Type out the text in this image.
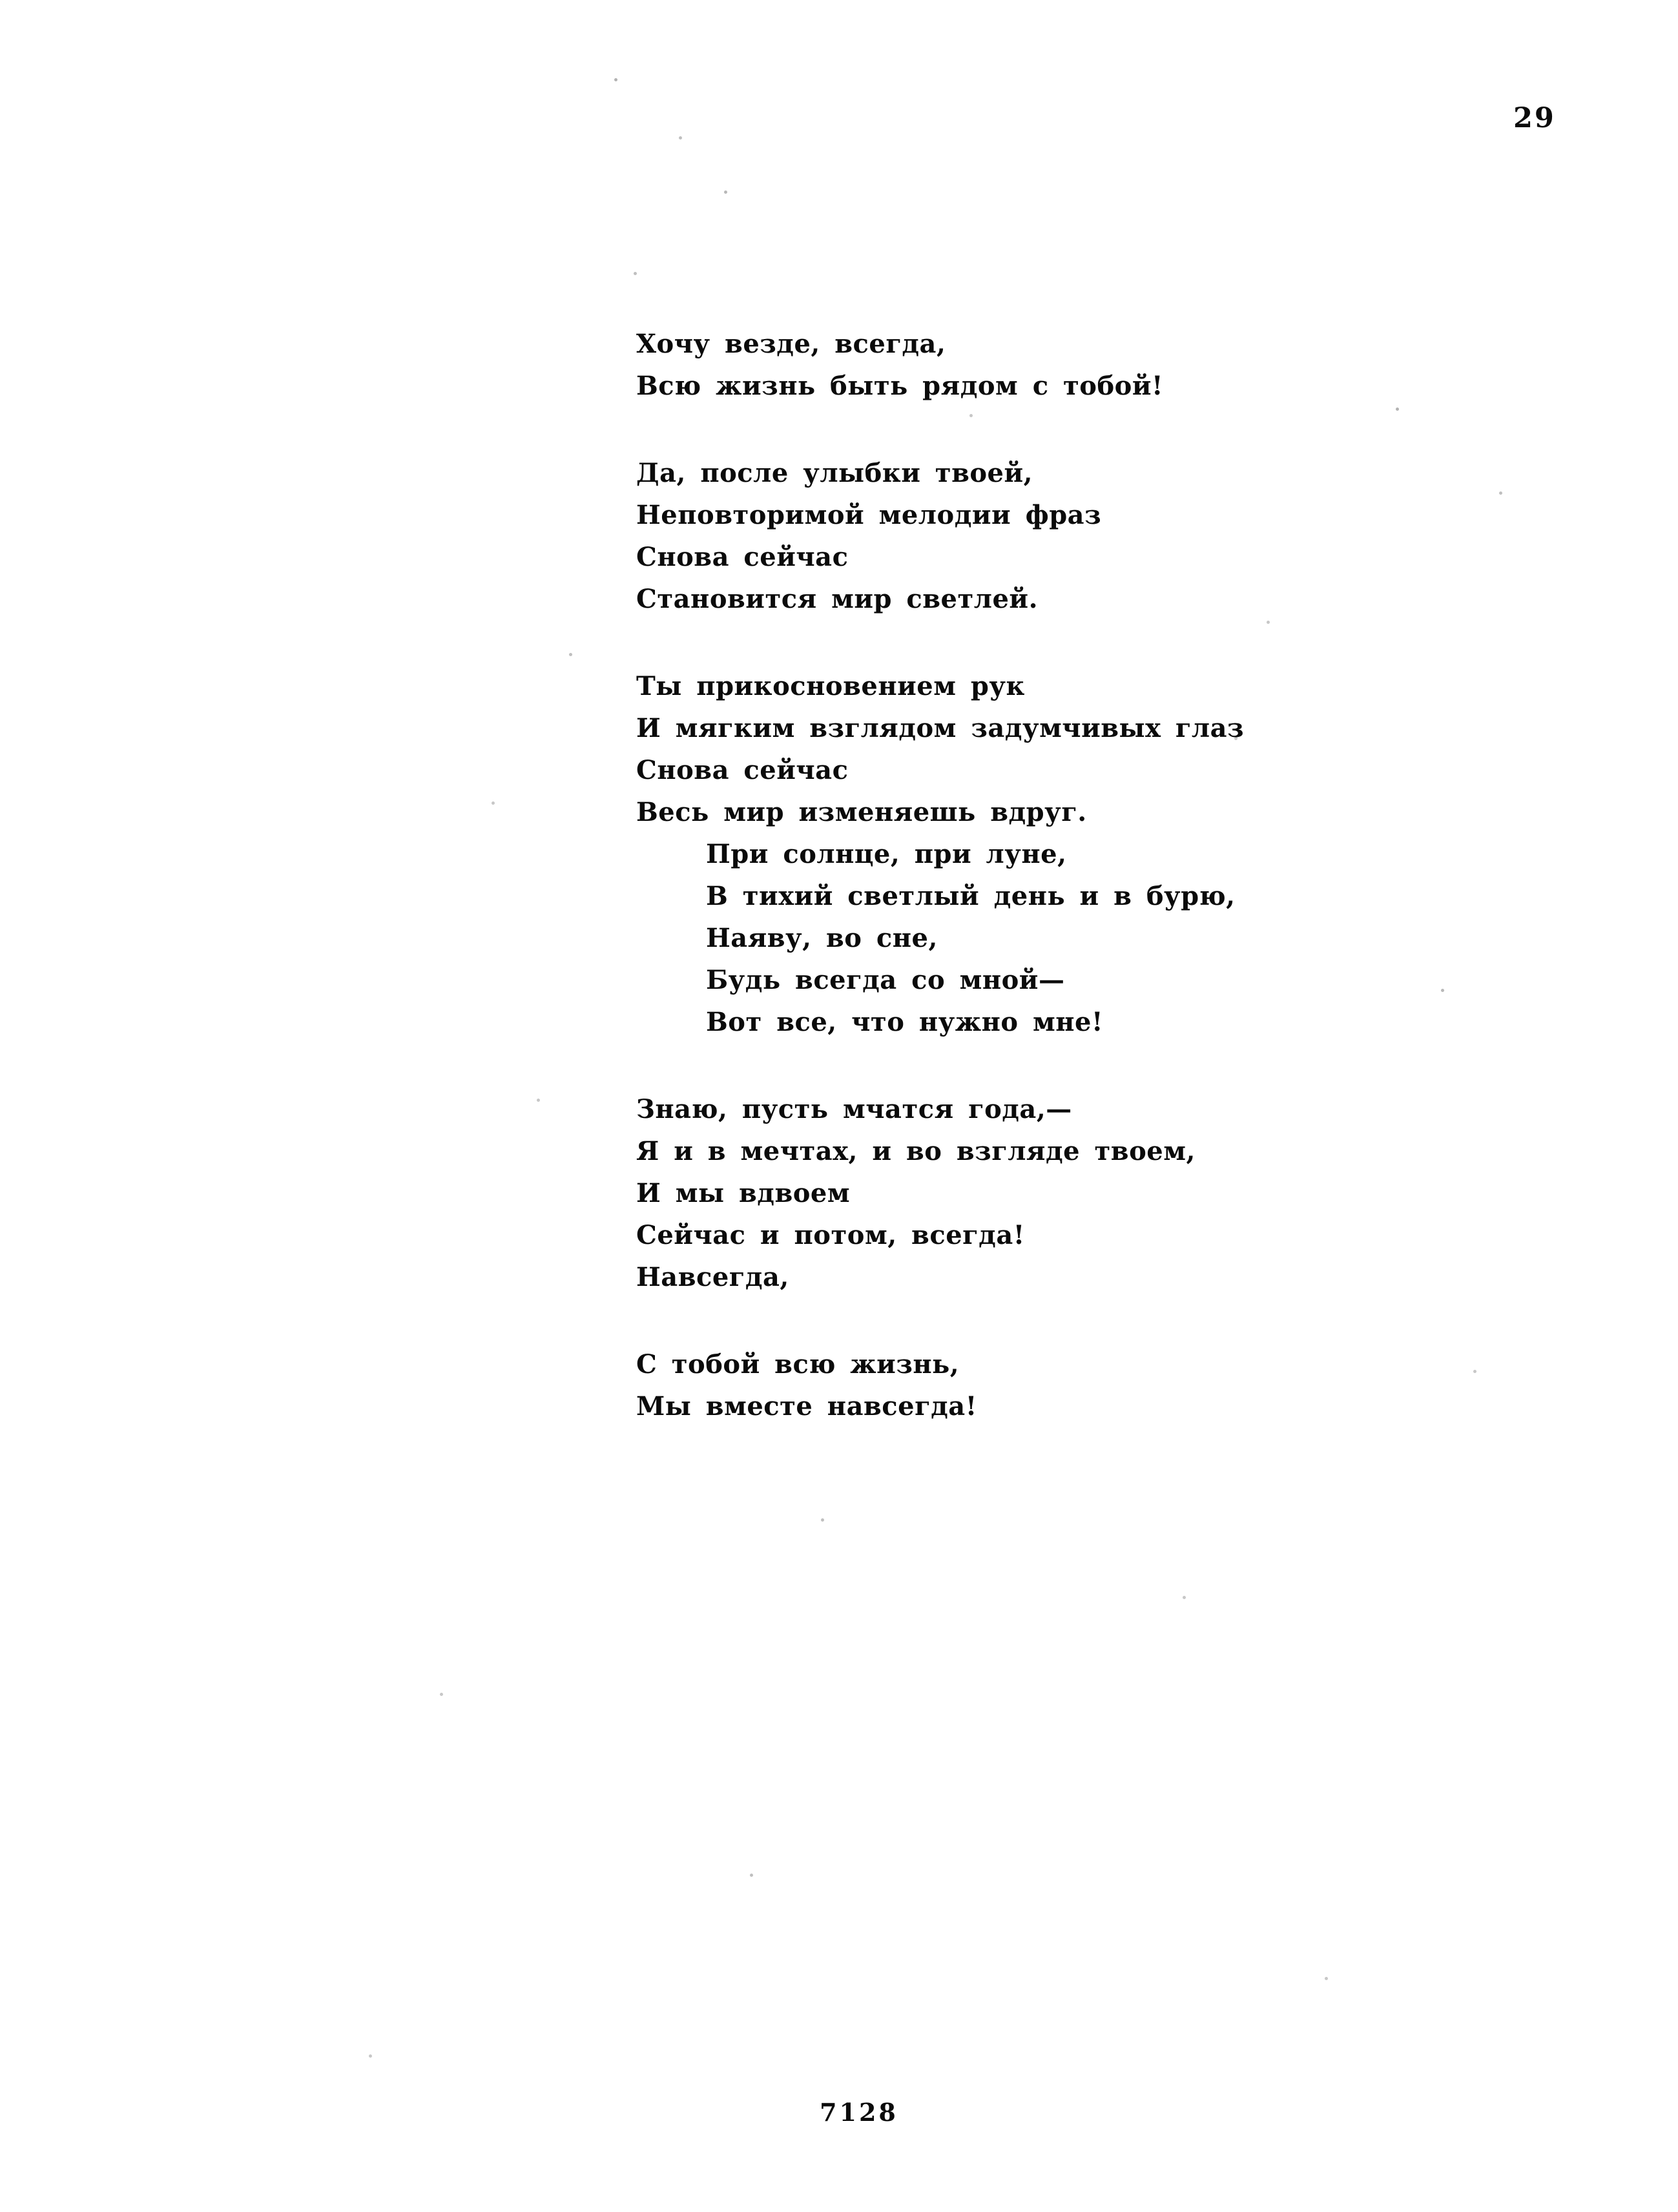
29
Хочу везде, всегда,
Всю жизнь быть рядом с тобой!
Да, после улыбки твоей,
Неповторимой мелодии фраз
Снова сейчас
Становится мир светлей.
Ты прикосновением рук
И мягким взглядом задумчивых глаз
Снова сейчас
Весь мир изменяешь вдруг.
При солнце, при луне,
В тихий светлый день и в бурю,
Наяву, во сне,
Будь всегда со мной—
Вот все, что нужно мне!
Знаю, пусть мчатся года,—
Я и в мечтах, и во взгляде твоем,
И мы вдвоем
Сейчас и потом, всегда!
Навсегда,
С тобой всю жизнь,
Мы вместе навсегда!
7128
